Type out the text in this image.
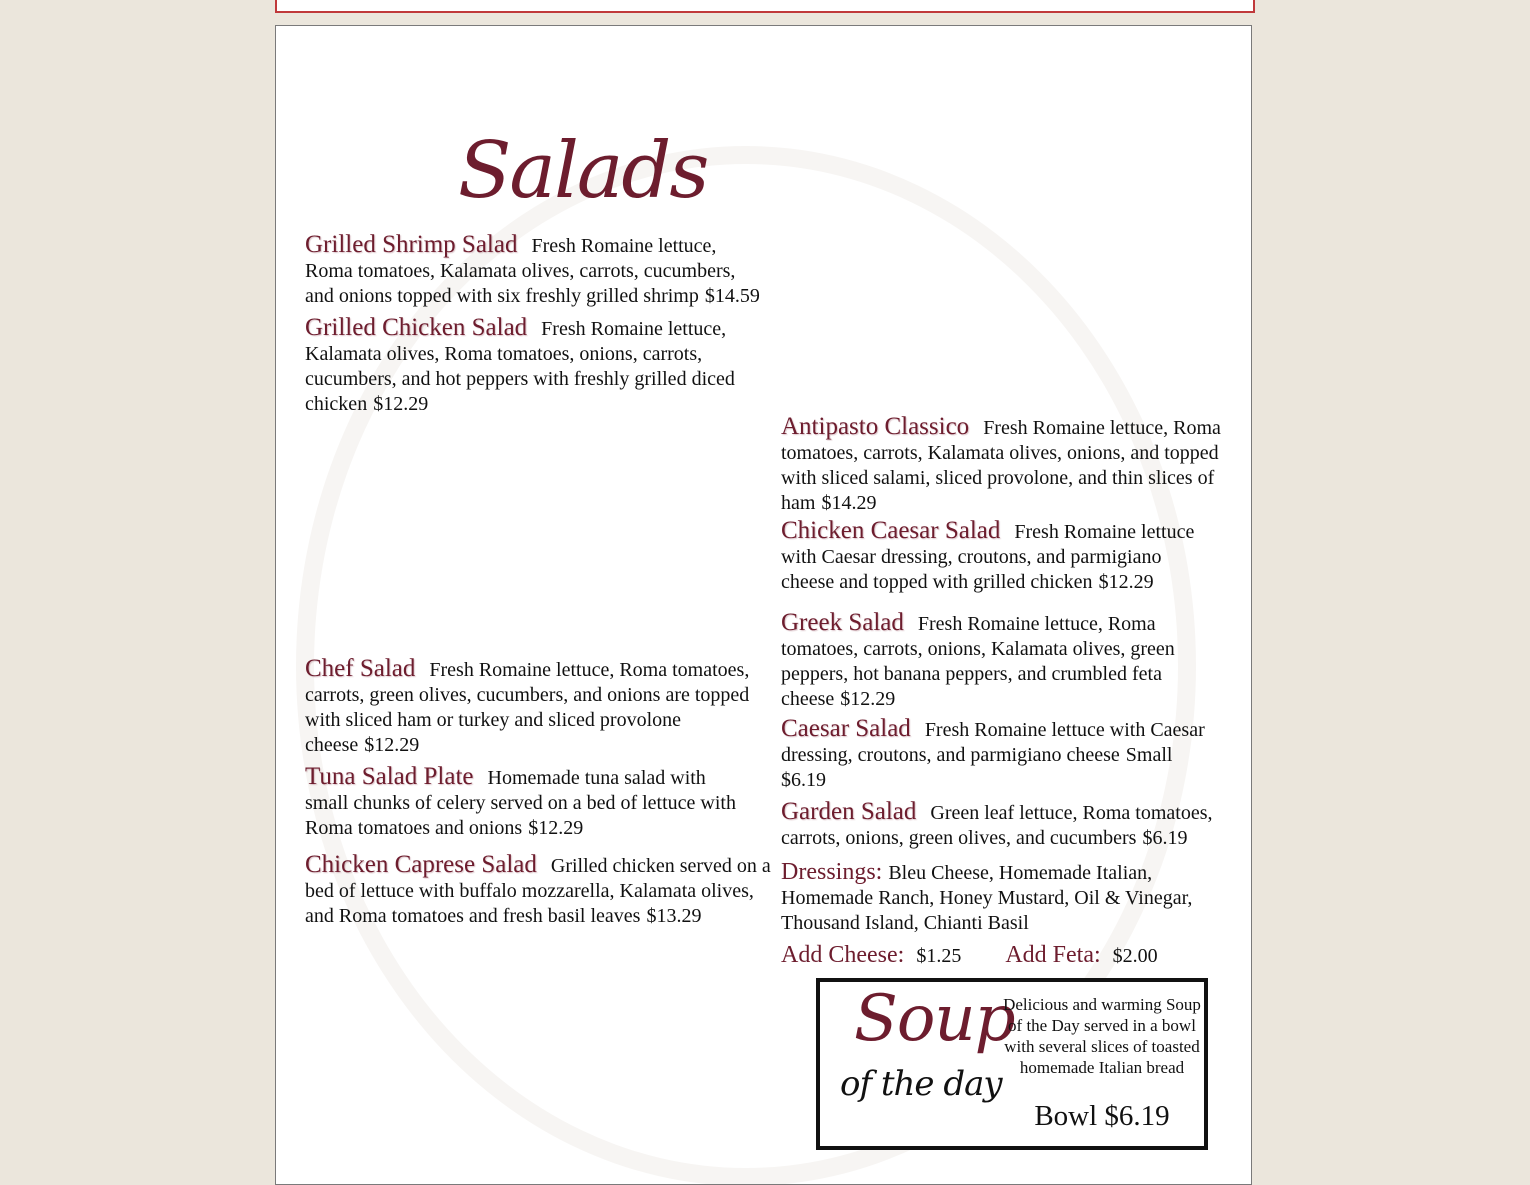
Salads
Grilled Shrimp Salad Fresh Romaine lettuce, Roma tomatoes, Kalamata olives, carrots, cucumbers, and onions topped with six freshly grilled shrimp $14.59
Grilled Chicken Salad Fresh Romaine lettuce, Kalamata olives, Roma tomatoes, onions, carrots, cucumbers, and hot peppers with freshly grilled diced chicken $12.29
Antipasto Classico Fresh Romaine lettuce, Roma tomatoes, carrots, Kalamata olives, onions, and topped with sliced salami, sliced provolone, and thin slices of ham $14.29
Chicken Caesar Salad Fresh Romaine lettuce with Caesar dressing, croutons, and parmigiano cheese and topped with grilled chicken $12.29
Greek Salad Fresh Romaine lettuce, Roma tomatoes, carrots, onions, Kalamata olives, green peppers, hot banana peppers, and crumbled feta cheese $12.29
Chef Salad Fresh Romaine lettuce, Roma tomatoes, carrots, green olives, cucumbers, and onions are topped with sliced ham or turkey and sliced provolone cheese $12.29
Caesar Salad Fresh Romaine lettuce with Caesar dressing, croutons, and parmigiano cheese Small $6.19
Tuna Salad Plate Homemade tuna salad with small chunks of celery served on a bed of lettuce with Roma tomatoes and onions $12.29
Garden Salad Green leaf lettuce, Roma tomatoes, carrots, onions, green olives, and cucumbers $6.19
Chicken Caprese Salad Grilled chicken served on a bed of lettuce with buffalo mozzarella, Kalamata olives, and Roma tomatoes and fresh basil leaves $13.29
Dressings: Bleu Cheese, Homemade Italian, Homemade Ranch, Honey Mustard, Oil & Vinegar, Thousand Island, Chianti Basil
Add Cheese: $1.25 Add Feta: $2.00
Soup
of the day
Delicious and warming Soup of the Day served in a bowl with several slices of toasted homemade Italian bread
Bowl $6.19
